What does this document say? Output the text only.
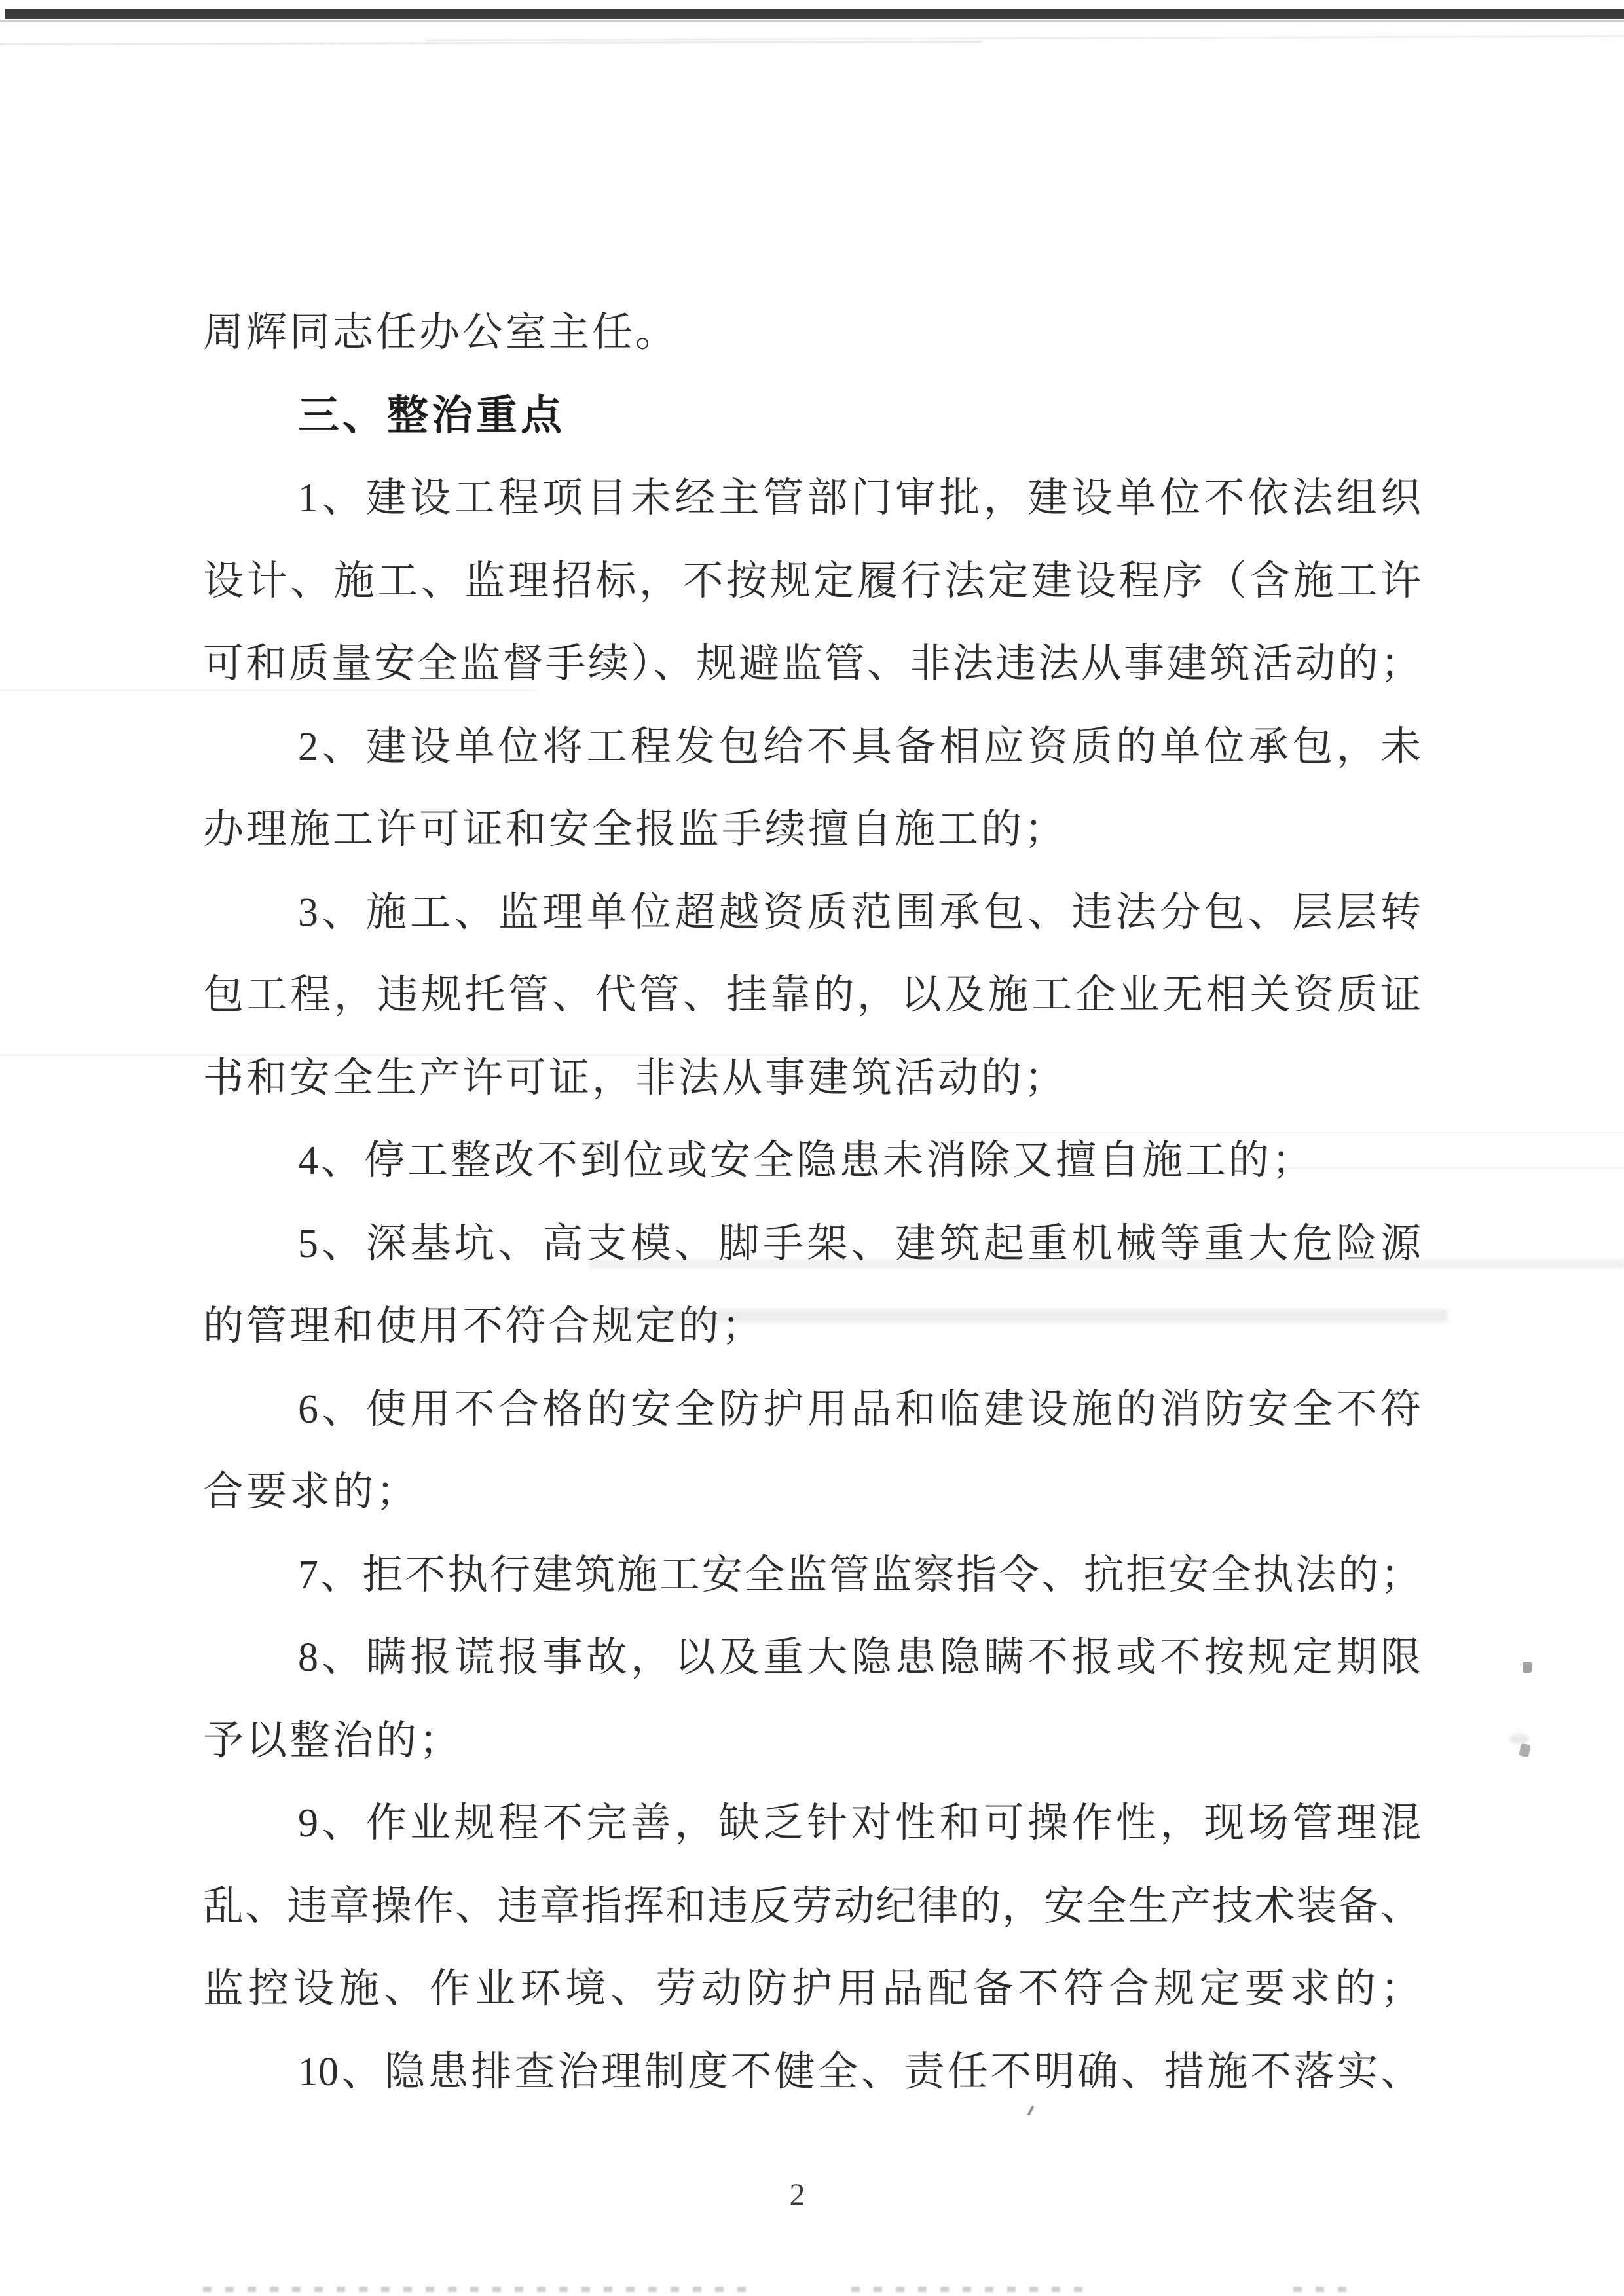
周辉同志任办公室主任。
三、整治重点
1、建设工程项目未经主管部门审批，建设单位不依法组织
设计、施工、监理招标，不按规定履行法定建设程序（含施工许
可和质量安全监督手续）、规避监管、非法违法从事建筑活动的；
2、建设单位将工程发包给不具备相应资质的单位承包，未
办理施工许可证和安全报监手续擅自施工的；
3、施工、监理单位超越资质范围承包、违法分包、层层转
包工程，违规托管、代管、挂靠的，以及施工企业无相关资质证
书和安全生产许可证，非法从事建筑活动的；
4、停工整改不到位或安全隐患未消除又擅自施工的；
5、深基坑、高支模、脚手架、建筑起重机械等重大危险源
的管理和使用不符合规定的；
6、使用不合格的安全防护用品和临建设施的消防安全不符
合要求的；
7、拒不执行建筑施工安全监管监察指令、抗拒安全执法的；
8、瞒报谎报事故，以及重大隐患隐瞒不报或不按规定期限
予以整治的；
9、作业规程不完善，缺乏针对性和可操作性，现场管理混
乱、违章操作、违章指挥和违反劳动纪律的，安全生产技术装备、
监控设施、作业环境、劳动防护用品配备不符合规定要求的；
10、隐患排查治理制度不健全、责任不明确、措施不落实、
2
